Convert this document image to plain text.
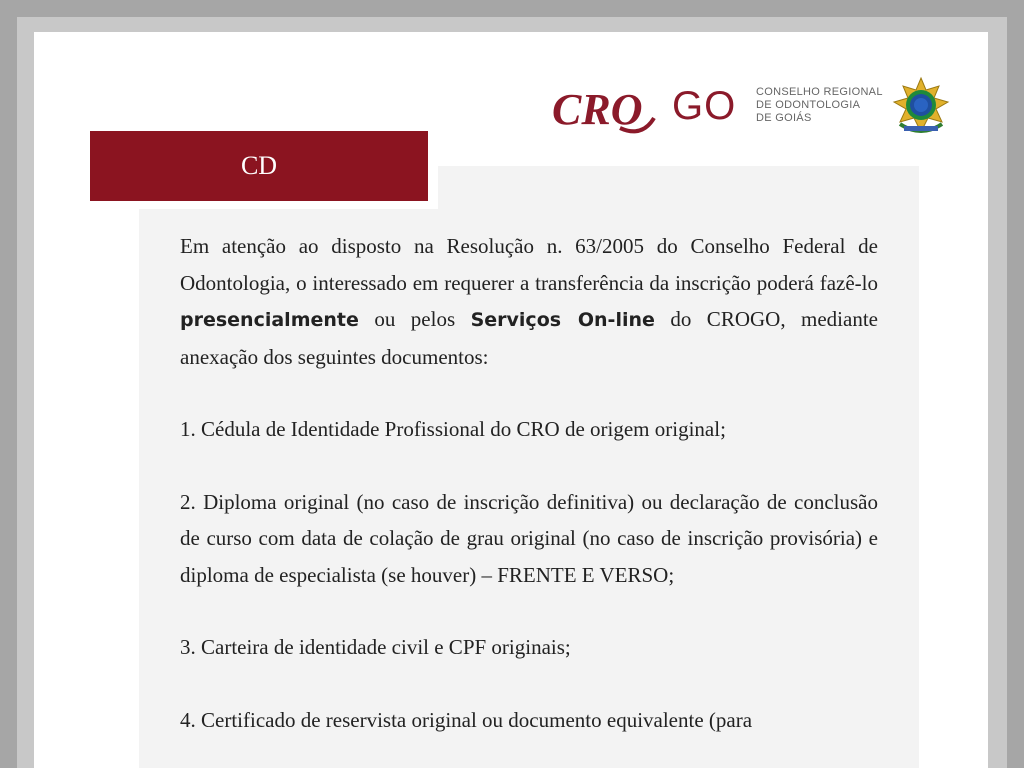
CRO GO CONSELHO REGIONAL
DE ODONTOLOGIA
DE GOIÁS
CD

Em atenção ao disposto na Resolução n. 63/2005 do Conselho Federal de Odontologia, o interessado em requerer a transferência da inscrição poderá fazê-lo presencialmente ou pelos Serviços On-line do CROGO, mediante anexação dos seguintes documentos:

1. Cédula de Identidade Profissional do CRO de origem original;

2. Diploma original (no caso de inscrição definitiva) ou declaração de conclusão de curso com data de colação de grau original (no caso de inscrição provisória) e diploma de especialista (se houver) – FRENTE E VERSO;

3. Carteira de identidade civil e CPF originais;

4. Certificado de reservista original ou documento equivalente (para
